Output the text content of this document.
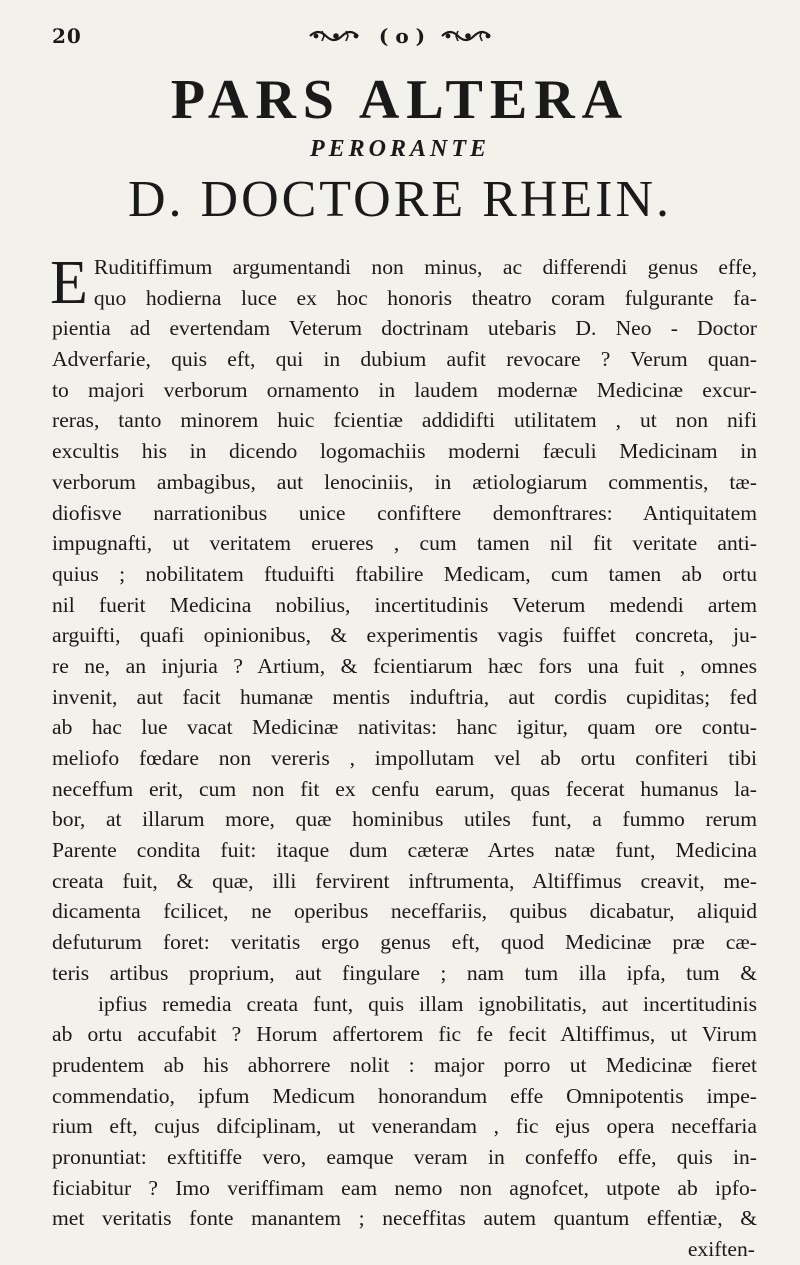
20	( o )
PARS ALTERA
PERORANTE
D. DOCTORE RHEIN.
E Ruditiffimum argumentandi non minus, ac differendi genus effe,
quo hodierna luce ex hoc honoris theatro coram fulgurante fa-
pientia ad evertendam Veterum doctrinam utebaris D. Neo - Doctor
Adverfarie, quis eft, qui in dubium aufit revocare ? Verum quan-
to majori verborum ornamento in laudem modernæ Medicinæ excur-
reras, tanto minorem huic fcientiæ addidifti utilitatem , ut non nifi
excultis his in dicendo logomachiis moderni fæculi Medicinam in
verborum ambagibus, aut lenociniis, in ætiologiarum commentis, tæ-
diofisve narrationibus unice confiftere demonftrares: Antiquitatem
impugnafti, ut veritatem erueres , cum tamen nil fit veritate anti-
quius ; nobilitatem ftuduifti ftabilire Medicam, cum tamen ab ortu
nil fuerit Medicina nobilius, incertitudinis Veterum medendi artem
arguifti, quafi opinionibus, & experimentis vagis fuiffet concreta, ju-
re ne, an injuria ? Artium, & fcientiarum hæc fors una fuit , omnes
invenit, aut facit humanæ mentis induftria, aut cordis cupiditas; fed
ab hac lue vacat Medicinæ nativitas: hanc igitur, quam ore contu-
meliofo fœdare non vereris , impollutam vel ab ortu confiteri tibi
neceffum erit, cum non fit ex cenfu earum, quas fecerat humanus la-
bor, at illarum more, quæ hominibus utiles funt, a fummo rerum
Parente condita fuit: itaque dum cæteræ Artes natæ funt, Medicina
creata fuit, & quæ, illi fervirent inftrumenta, Altiffimus creavit, me-
dicamenta fcilicet, ne operibus neceffariis, quibus dicabatur, aliquid
defuturum foret: veritatis ergo genus eft, quod Medicinæ præ cæ-
teris artibus proprium, aut fingulare ; nam tum illa ipfa, tum &
ipfius remedia creata funt, quis illam ignobilitatis, aut incertitudinis
ab ortu accufabit ? Horum affertorem fic fe fecit Altiffimus, ut Virum
prudentem ab his abhorrere nolit : major porro ut Medicinæ fieret
commendatio, ipfum Medicum honorandum effe Omnipotentis impe-
rium eft, cujus difciplinam, ut venerandam , fic ejus opera neceffaria
pronuntiat: exftitiffe vero, eamque veram in confeffo effe, quis in-
ficiabitur ? Imo veriffimam eam nemo non agnofcet, utpote ab ipfo-
met veritatis fonte manantem ; neceffitas autem quantum effentiæ, &
exiften-
